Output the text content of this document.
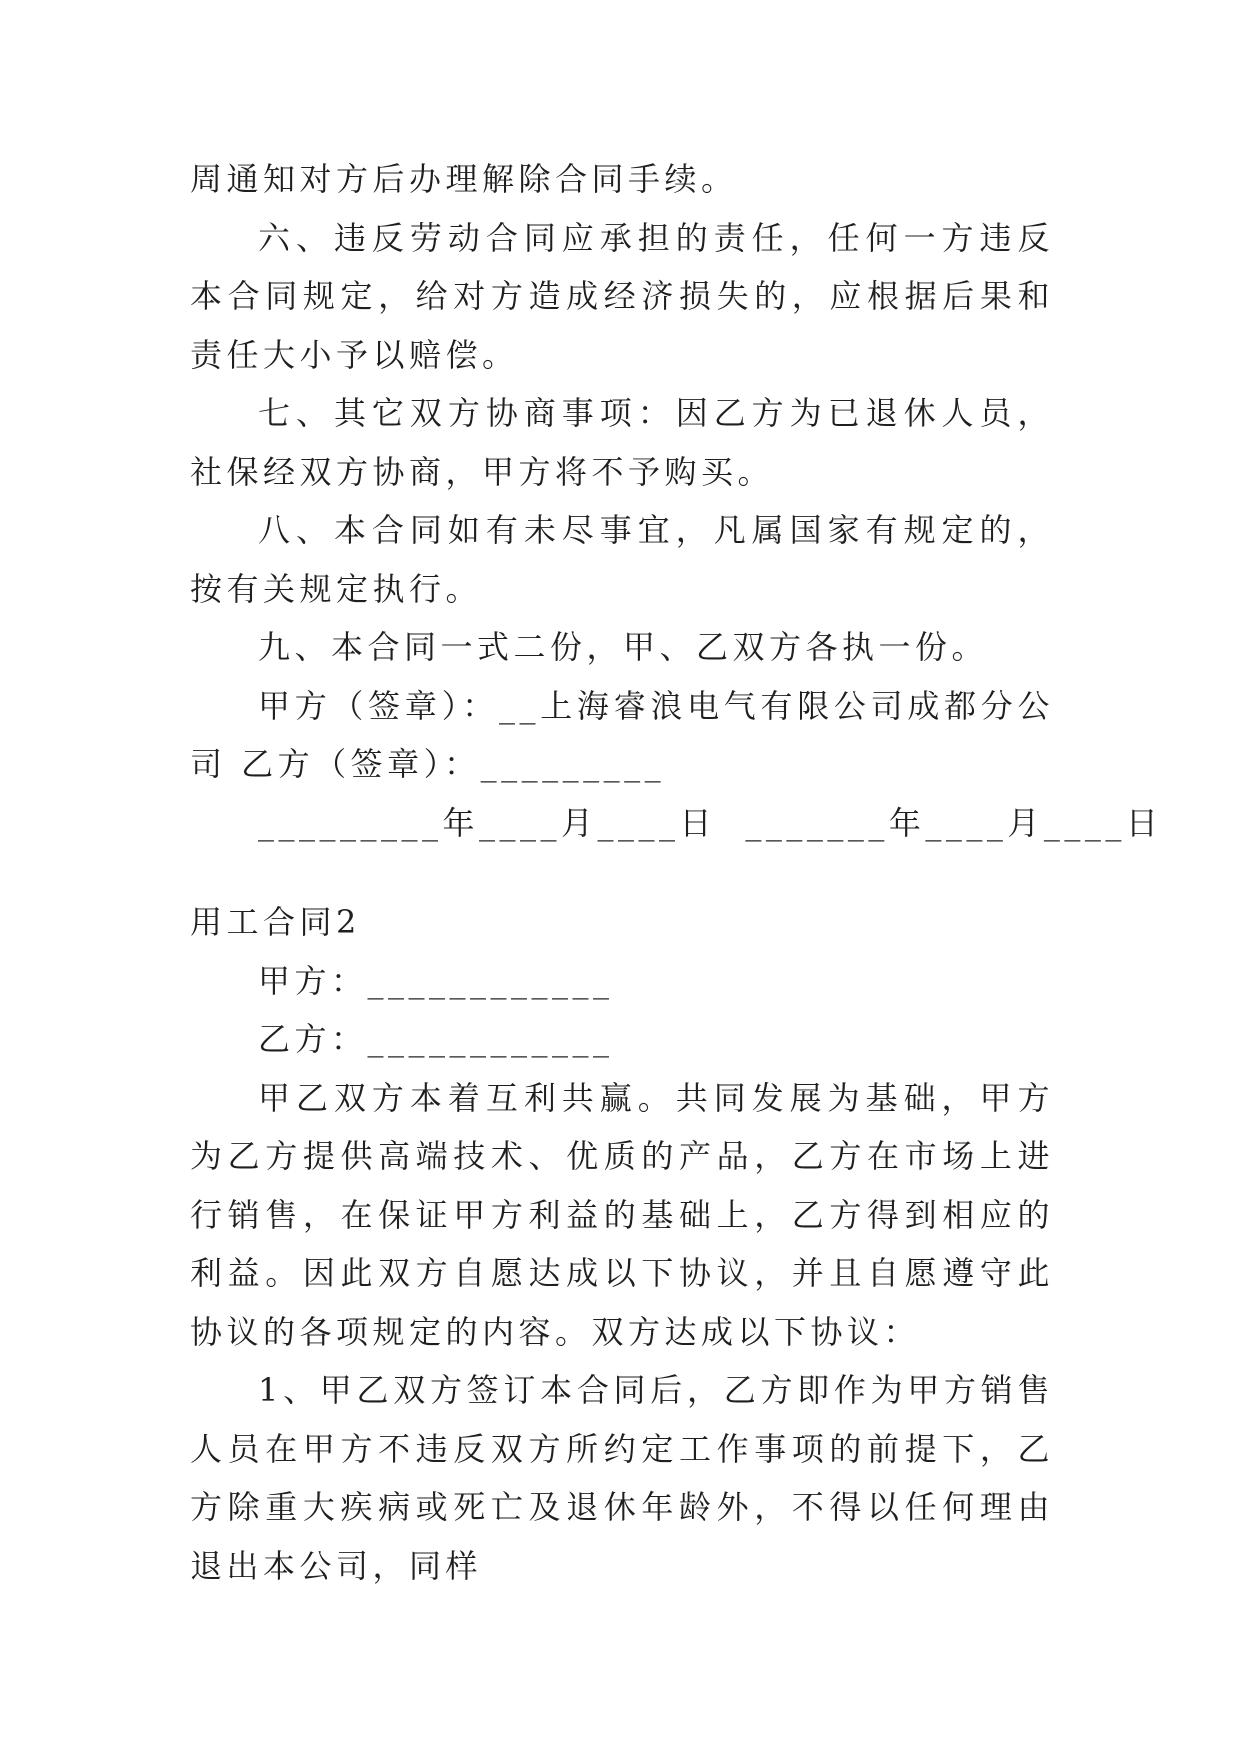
周通知对方后办理解除合同手续。

六、违反劳动合同应承担的责任，任何一方违反本合同规定，给对方造成经济损失的，应根据后果和责任大小予以赔偿。

七、其它双方协商事项：因乙方为已退休人员，社保经双方协商，甲方将不予购买。

八、本合同如有未尽事宜，凡属国家有规定的，按有关规定执行。

九、本合同一式二份，甲、乙双方各执一份。

甲方（签章）：__上海睿浪电气有限公司成都分公司 乙方（签章）：_________

_________年____月____日  _______年____月____日

用工合同2

甲方：____________

乙方：____________

甲乙双方本着互利共赢。共同发展为基础，甲方为乙方提供高端技术、优质的产品，乙方在市场上进行销售，在保证甲方利益的基础上，乙方得到相应的利益。因此双方自愿达成以下协议，并且自愿遵守此协议的各项规定的内容。双方达成以下协议：

1、甲乙双方签订本合同后，乙方即作为甲方销售人员在甲方不违反双方所约定工作事项的前提下，乙方除重大疾病或死亡及退休年龄外，不得以任何理由退出本公司，同样
